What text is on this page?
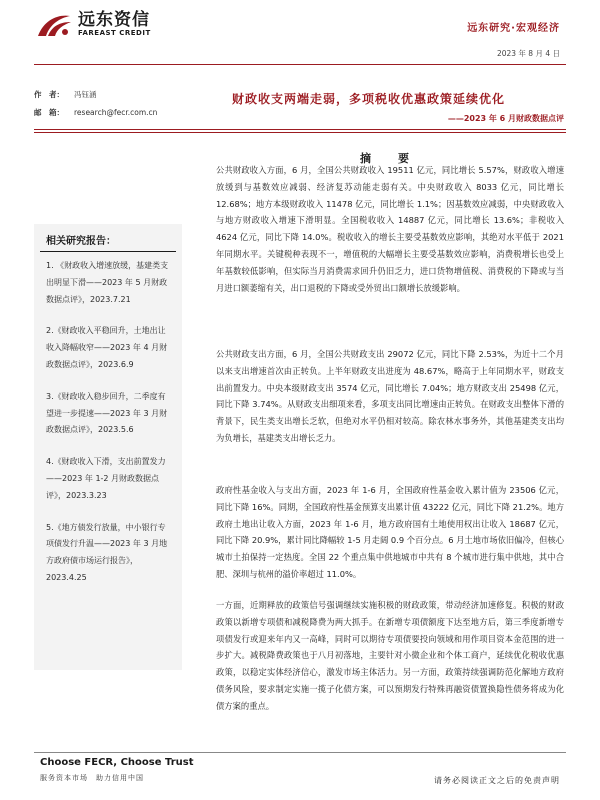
远东资信
FAREAST CREDIT	远东研究·宏观经济
2023 年 8 月 4 日
作　者： 冯钰涵
邮　箱： research@fecr.com.cn
财政收支两端走弱，多项税收优惠政策延续优化
——2023 年 6 月财政数据点评
摘　要
相关研究报告：
1. 《财政收入增速放缓，基建类支出明显下滑——2023 年 5 月财政数据点评》，2023.7.21
2.《财政收入平稳回升，土地出让收入降幅收窄——2023 年 4 月财政数据点评》，2023.6.9
3.《财政收入稳步回升，二季度有望进一步提速——2023 年 3 月财政数据点评》，2023.5.6
4.《财政收入下滑，支出前置发力——2023 年 1-2 月财政数据点评》，2023.3.23
5.《地方债发行放量，中小银行专项债发行升温——2023 年 3 月地方政府债市场运行报告》，2023.4.25
公共财政收入方面，6 月，全国公共财政收入 19511 亿元，同比增长 5.57%，财政收入增速放缓到与基数效应减弱、经济复苏动能走弱有关。中央财政收入 8033 亿元，同比增长 12.68%；地方本级财政收入 11478 亿元，同比增长 1.1%；因基数效应减弱，中央财政收入与地方财政收入增速下滑明显。全国税收收入 14887 亿元，同比增长 13.6%；非税收入 4624 亿元，同比下降 14.0%。税收收入的增长主要受基数效应影响，其绝对水平低于 2021 年同期水平。关键税种表现不一，增值税的大幅增长主要受基数效应影响，消费税增长也受上年基数较低影响，但实际当月消费需求回升仍旧乏力，进口货物增值税、消费税的下降或与当月进口额萎缩有关，出口退税的下降或受外贸出口额增长放缓影响。
公共财政支出方面，6 月，全国公共财政支出 29072 亿元，同比下降 2.53%，为近十二个月以来支出增速首次由正转负。上半年财政支出进度为 48.67%，略高于上年同期水平，财政支出前置发力。中央本级财政支出 3574 亿元，同比增长 7.04%；地方财政支出 25498 亿元，同比下降 3.74%。从财政支出细项来看，多项支出同比增速由正转负。在财政支出整体下滑的背景下，民生类支出增长乏软，但绝对水平仍相对较高。除农林水事务外，其他基建类支出均为负增长，基建类支出增长乏力。
政府性基金收入与支出方面，2023 年 1-6 月，全国政府性基金收入累计值为 23506 亿元，同比下降 16%。同期，全国政府性基金预算支出累计值 43222 亿元，同比下降 21.2%。地方政府土地出让收入方面，2023 年 1-6 月，地方政府国有土地使用权出让收入 18687 亿元，同比下降 20.9%，累计同比降幅较 1-5 月走阔 0.9 个百分点。6 月土地市场依旧偏冷，但核心城市土拍保持一定热度。全国 22 个重点集中供地城市中共有 8 个城市进行集中供地，其中合肥、深圳与杭州的溢价率超过 11.0%。
一方面，近期释放的政策信号强调继续实施积极的财政政策，带动经济加速修复。积极的财政政策以新增专项债和减税降费为两大抓手。在新增专项债额度下达至地方后，第三季度新增专项债发行或迎来年内又一高峰，同时可以期待专项债要投向领域和用作项目资本金范围的进一步扩大。减税降费政策也于八月初落地，主要针对小微企业和个体工商户，延续优化税收优惠政策，以稳定实体经济信心，激发市场主体活力。另一方面，政策持续强调防范化解地方政府债务风险，要求制定实施一揽子化债方案，可以预期发行特殊再融资债置换隐性债务将成为化债方案的重点。
Choose FECR, Choose Trust
服务资本市场　助力信用中国	请务必阅读正文之后的免责声明
